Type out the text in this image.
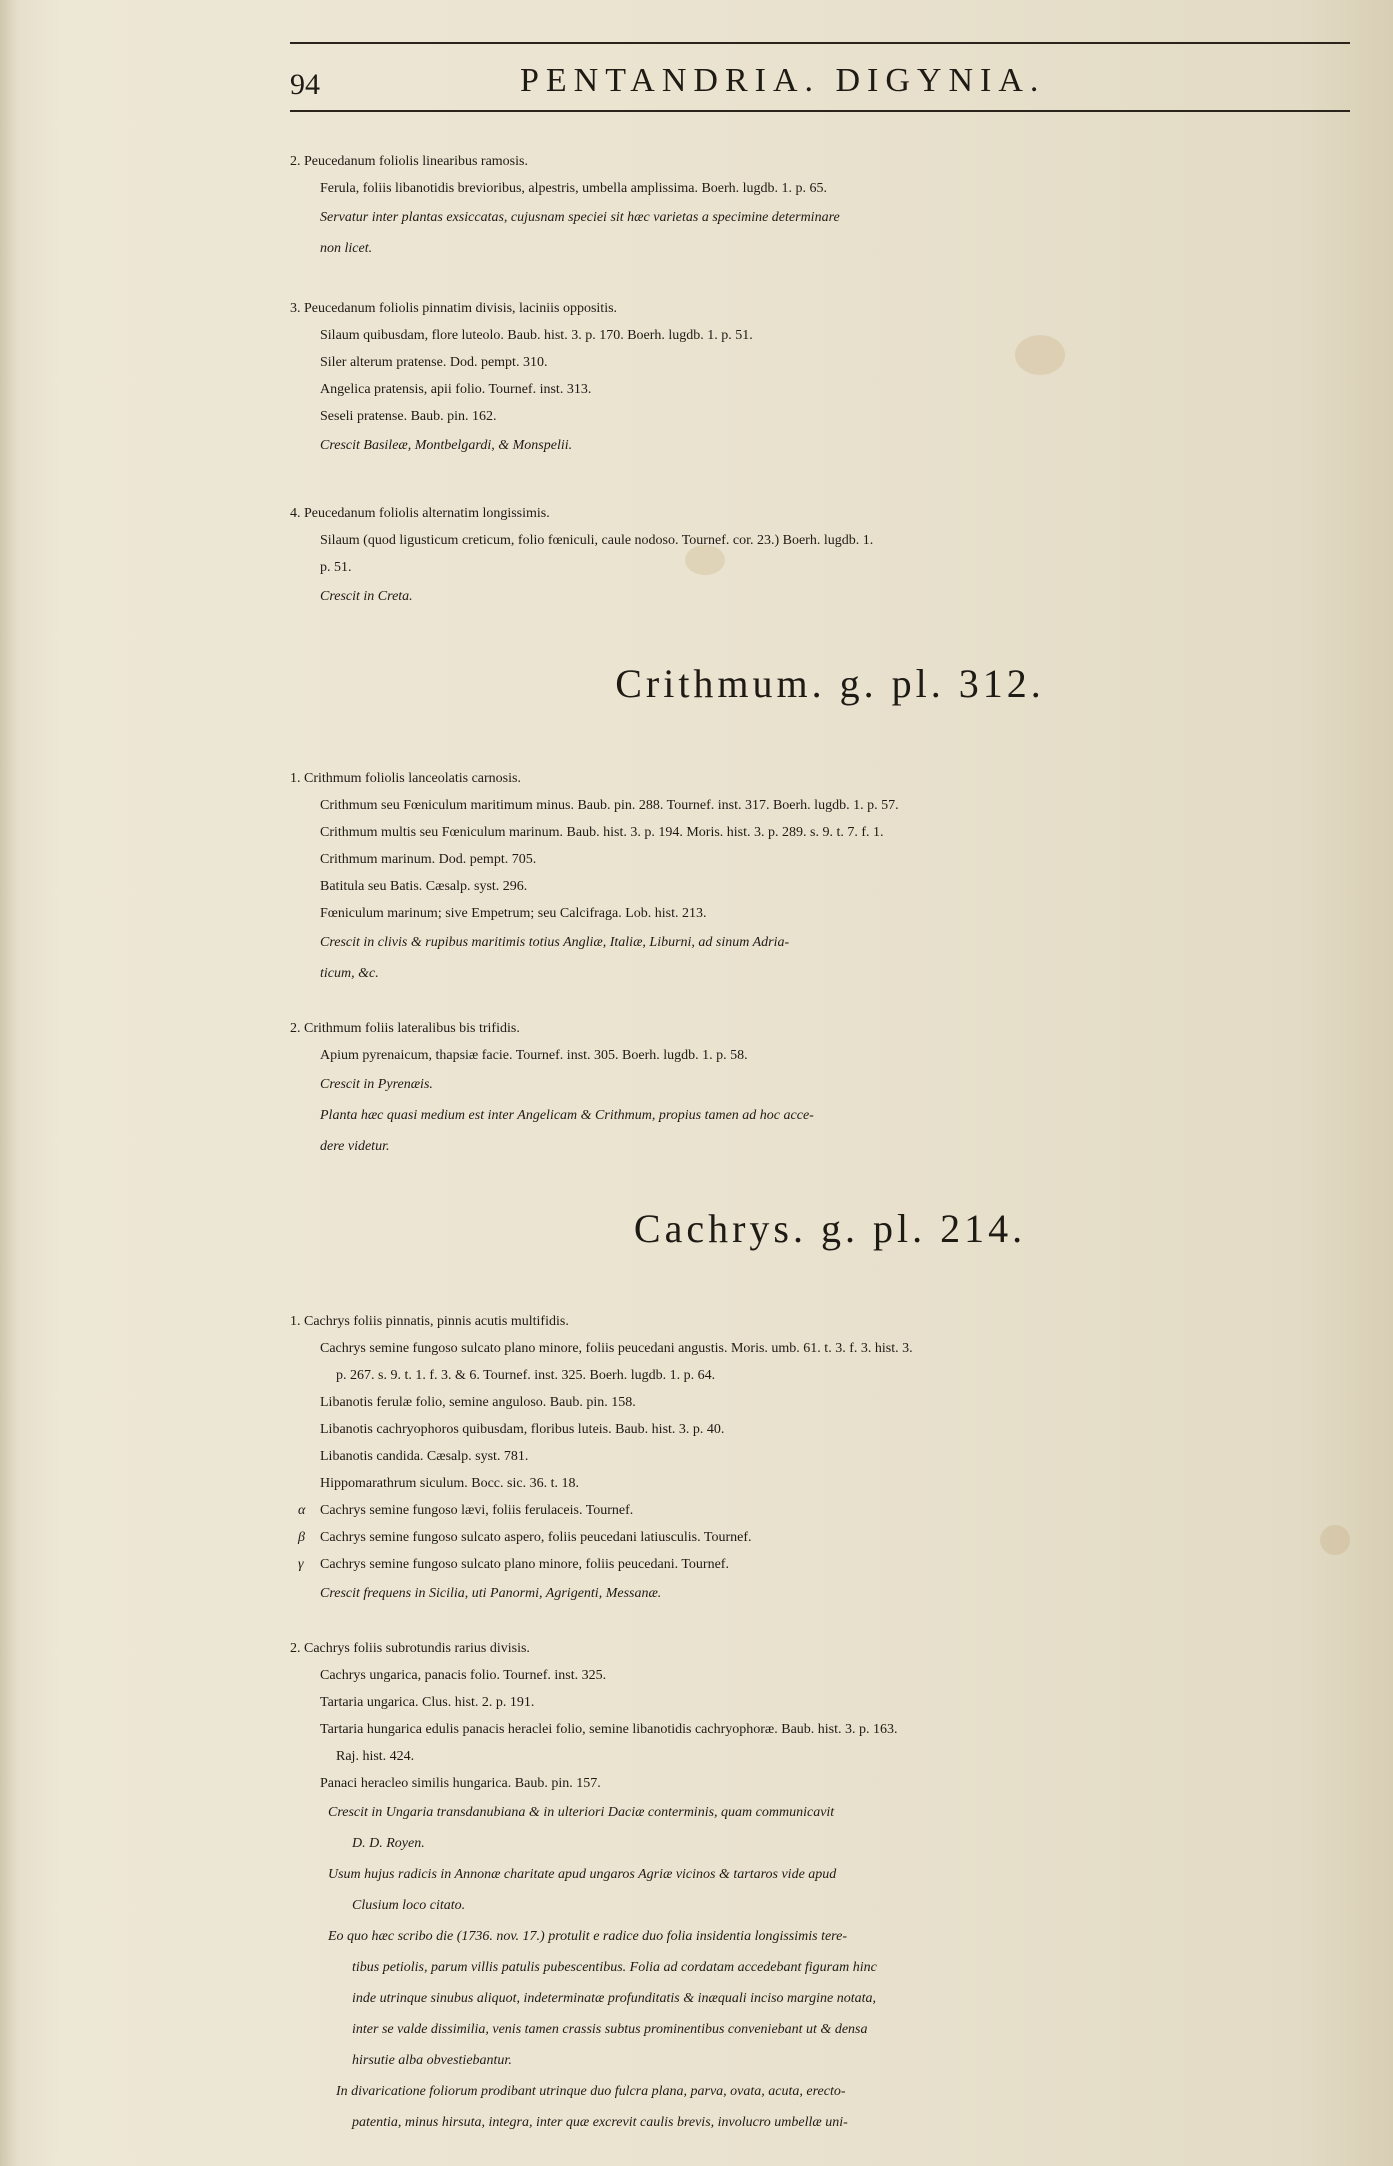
94	PENTANDRIA. DIGYNIA.
2. Peucedanum foliolis linearibus ramosis.
Ferula, foliis libanotidis brevioribus, alpestris, umbella amplissima. Boerh. lugdb. 1. p. 65.
Servatur inter plantas exsiccatas, cujusnam speciei sit hæc varietas a specimine determinare
non licet.
3. Peucedanum foliolis pinnatim divisis, laciniis oppositis.
Silaum quibusdam, flore luteolo. Baub. hist. 3. p. 170. Boerh. lugdb. 1. p. 51.
Siler alterum pratense. Dod. pempt. 310.
Angelica pratensis, apii folio. Tournef. inst. 313.
Seseli pratense. Baub. pin. 162.
Crescit Basileæ, Montbelgardi, & Monspelii.
4. Peucedanum foliolis alternatim longissimis.
Silaum (quod ligusticum creticum, folio fœniculi, caule nodoso. Tournef. cor. 23.) Boerh. lugdb. 1.
p. 51.
Crescit in Creta.
Crithmum. g. pl. 312.
1. Crithmum foliolis lanceolatis carnosis.
Crithmum seu Fœniculum maritimum minus. Baub. pin. 288. Tournef. inst. 317. Boerh. lugdb. 1. p. 57.
Crithmum multis seu Fœniculum marinum. Baub. hist. 3. p. 194. Moris. hist. 3. p. 289. s. 9. t. 7. f. 1.
Crithmum marinum. Dod. pempt. 705.
Batitula seu Batis. Cæsalp. syst. 296.
Fœniculum marinum; sive Empetrum; seu Calcifraga. Lob. hist. 213.
Crescit in clivis & rupibus maritimis totius Angliæ, Italiæ, Liburni, ad sinum Adria-
ticum, &c.
2. Crithmum foliis lateralibus bis trifidis.
Apium pyrenaicum, thapsiæ facie. Tournef. inst. 305. Boerh. lugdb. 1. p. 58.
Crescit in Pyrenæis.
Planta hæc quasi medium est inter Angelicam & Crithmum, propius tamen ad hoc acce-
dere videtur.
Cachrys. g. pl. 214.
1. Cachrys foliis pinnatis, pinnis acutis multifidis.
Cachrys semine fungoso sulcato plano minore, foliis peucedani angustis. Moris. umb. 61. t. 3. f. 3. hist. 3.
p. 267. s. 9. t. 1. f. 3. & 6. Tournef. inst. 325. Boerh. lugdb. 1. p. 64.
Libanotis ferulæ folio, semine anguloso. Baub. pin. 158.
Libanotis cachryophoros quibusdam, floribus luteis. Baub. hist. 3. p. 40.
Libanotis candida. Cæsalp. syst. 781.
Hippomarathrum siculum. Bocc. sic. 36. t. 18.
α Cachrys semine fungoso lævi, foliis ferulaceis. Tournef.
β Cachrys semine fungoso sulcato aspero, foliis peucedani latiusculis. Tournef.
γ Cachrys semine fungoso sulcato plano minore, foliis peucedani. Tournef.
Crescit frequens in Sicilia, uti Panormi, Agrigenti, Messanæ.
2. Cachrys foliis subrotundis rarius divisis.
Cachrys ungarica, panacis folio. Tournef. inst. 325.
Tartaria ungarica. Clus. hist. 2. p. 191.
Tartaria hungarica edulis panacis heraclei folio, semine libanotidis cachryophoræ. Baub. hist. 3. p. 163.
Raj. hist. 424.
Panaci heracleo similis hungarica. Baub. pin. 157.
Crescit in Ungaria transdanubiana & in ulteriori Daciæ conterminis, quam communicavit
D. D. Royen.
Usum hujus radicis in Annonæ charitate apud ungaros Agriæ vicinos & tartaros vide apud
Clusium loco citato.
Eo quo hæc scribo die (1736. nov. 17.) protulit e radice duo folia insidentia longissimis tere-
tibus petiolis, parum villis patulis pubescentibus. Folia ad cordatam accedebant figuram hinc
inde utrinque sinubus aliquot, indeterminatæ profunditatis & inæquali inciso margine notata,
inter se valde dissimilia, venis tamen crassis subtus prominentibus conveniebant ut & densa
hirsutie alba obvestiebantur.
In divaricatione foliorum prodibant utrinque duo fulcra plana, parva, ovata, acuta, erecto-
patentia, minus hirsuta, integra, inter quæ excrevit caulis brevis, involucro umbellæ uni-
